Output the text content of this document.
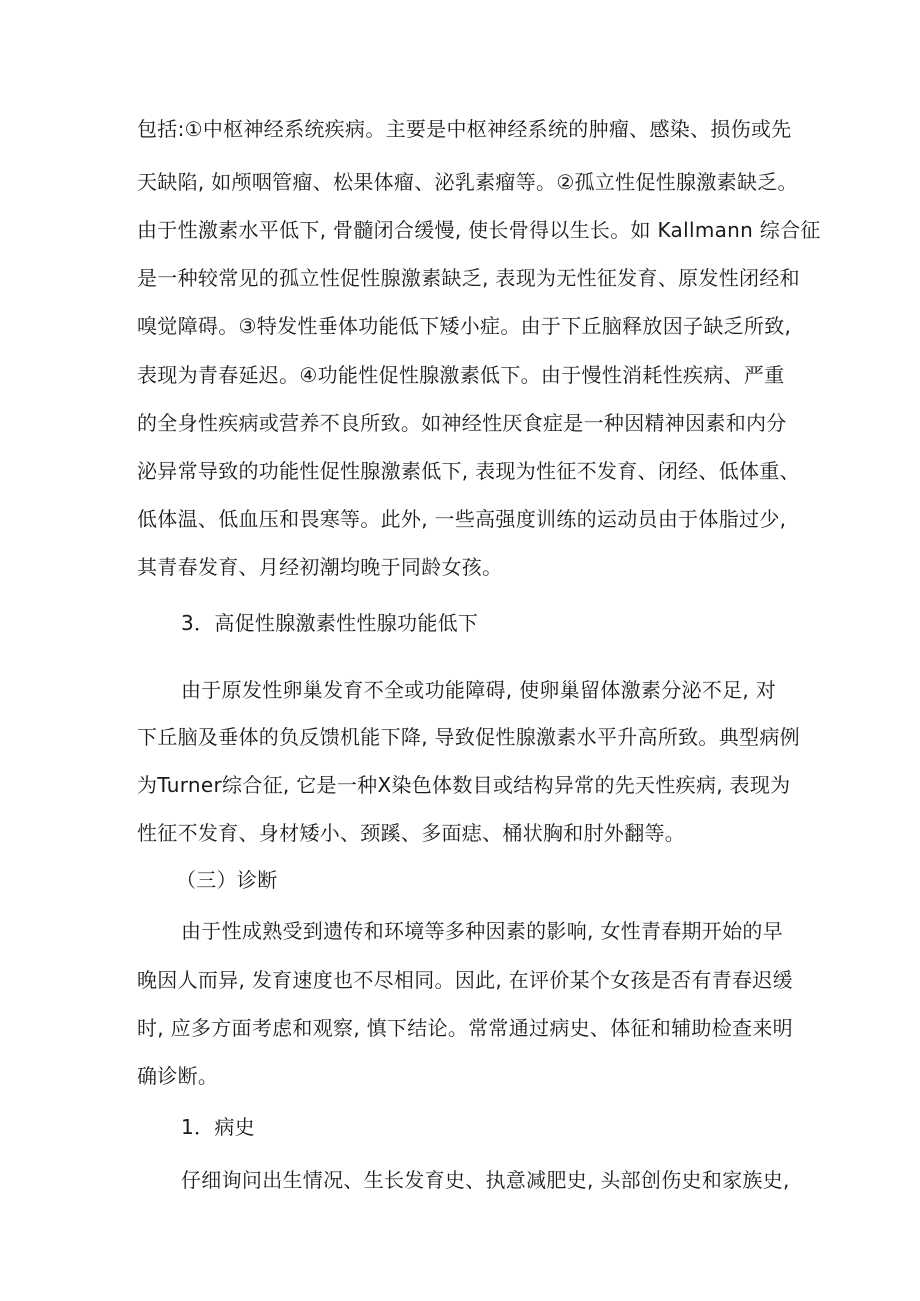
包括:①中枢神经系统疾病。主要是中枢神经系统的肿瘤、感染、损伤或先
天缺陷, 如颅咽管瘤、松果体瘤、泌乳素瘤等。②孤立性促性腺激素缺乏。
由于性激素水平低下, 骨髓闭合缓慢, 使长骨得以生长。如 Kallmann 综合征
是一种较常见的孤立性促性腺激素缺乏, 表现为无性征发育、原发性闭经和
嗅觉障碍。③特发性垂体功能低下矮小症。由于下丘脑释放因子缺乏所致,
表现为青春延迟。④功能性促性腺激素低下。由于慢性消耗性疾病、严重
的全身性疾病或营养不良所致。如神经性厌食症是一种因精神因素和内分
泌异常导致的功能性促性腺激素低下, 表现为性征不发育、闭经、低体重、
低体温、低血压和畏寒等。此外, 一些高强度训练的运动员由于体脂过少,
其青春发育、月经初潮均晚于同龄女孩。
3．高促性腺激素性性腺功能低下
由于原发性卵巢发育不全或功能障碍, 使卵巢留体激素分泌不足, 对
下丘脑及垂体的负反馈机能下降, 导致促性腺激素水平升高所致。典型病例
为Turner综合征, 它是一种X染色体数目或结构异常的先天性疾病, 表现为
性征不发育、身材矮小、颈蹊、多面痣、桶状胸和肘外翻等。
（三）诊断
由于性成熟受到遗传和环境等多种因素的影响, 女性青春期开始的早
晚因人而异, 发育速度也不尽相同。因此, 在评价某个女孩是否有青春迟缓
时, 应多方面考虑和观察, 慎下结论。常常通过病史、体征和辅助检查来明
确诊断。
1．病史
仔细询问出生情况、生长发育史、执意减肥史, 头部创伤史和家族史,
